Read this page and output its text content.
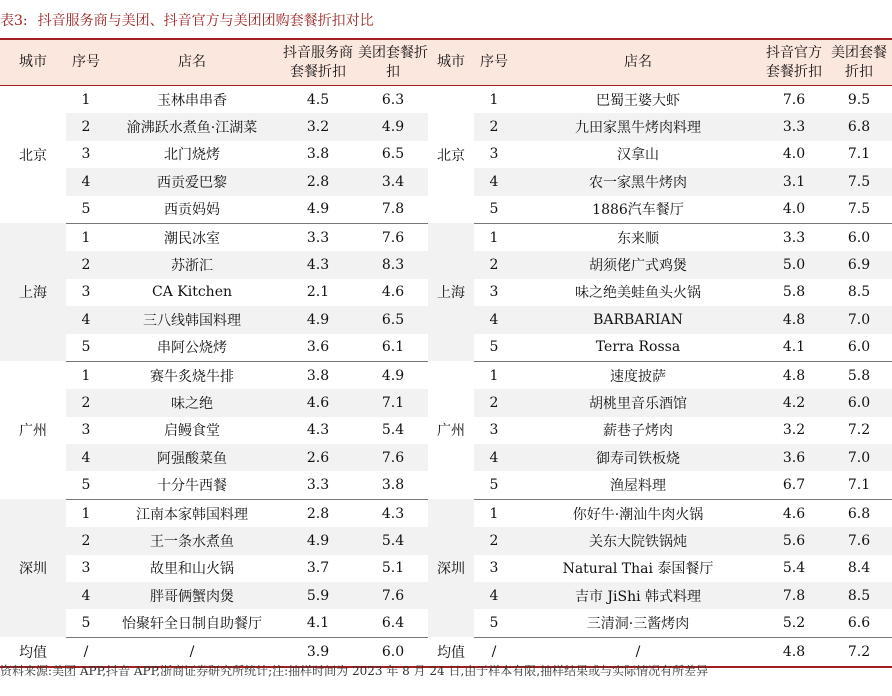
表3: 抖音服务商与美团、抖音官方与美团团购套餐折扣对比
城市	序号	店名	抖音服务商套餐折扣	美团套餐折扣	城市	序号	店名	抖音官方套餐折扣	美团套餐折扣
北京	1	玉林串串香	4.5	6.3	北京	1	巴蜀王婆大虾	7.6	9.5
	2	渝沸跃水煮鱼·江湖菜	3.2	4.9		2	九田家黑牛烤肉料理	3.3	6.8
	3	北门烧烤	3.8	6.5		3	汉拿山	4.0	7.1
	4	西贡爱巴黎	2.8	3.4		4	农一家黑牛烤肉	3.1	7.5
	5	西贡妈妈	4.9	7.8		5	1886汽车餐厅	4.0	7.5
上海	1	潮民冰室	3.3	7.6	上海	1	东来顺	3.3	6.0
	2	苏浙汇	4.3	8.3		2	胡须佬广式鸡煲	5.0	6.9
	3	CA Kitchen	2.1	4.6		3	味之绝美蛙鱼头火锅	5.8	8.5
	4	三八线韩国料理	4.9	6.5		4	BARBARIAN	4.8	7.0
	5	串阿公烧烤	3.6	6.1		5	Terra Rossa	4.1	6.0
广州	1	赛牛炙烧牛排	3.8	4.9	广州	1	速度披萨	4.8	5.8
	2	味之绝	4.6	7.1		2	胡桃里音乐酒馆	4.2	6.0
	3	启鳗食堂	4.3	5.4		3	薪巷子烤肉	3.2	7.2
	4	阿强酸菜鱼	2.6	7.6		4	御寿司铁板烧	3.6	7.0
	5	十分牛西餐	3.3	3.8		5	渔屋料理	6.7	7.1
深圳	1	江南本家韩国料理	2.8	4.3	深圳	1	你好牛·潮汕牛肉火锅	4.6	6.8
	2	王一条水煮鱼	4.9	5.4		2	关东大院铁锅炖	5.6	7.6
	3	故里和山火锅	3.7	5.1		3	Natural Thai 泰国餐厅	5.4	8.4
	4	胖哥俩蟹肉煲	5.9	7.6		4	吉市 JiShi 韩式料理	7.8	8.5
	5	怡聚轩全日制自助餐厅	4.1	6.4		5	三清洞·三酱烤肉	5.2	6.6
均值	/	/	3.9	6.0	均值	/	/	4.8	7.2
资料来源:美团 APP,抖音 APP,浙商证券研究所统计;注:抽样时间为 2023 年 8 月 24 日,由于样本有限,抽样结果或与实际情况有所差异
